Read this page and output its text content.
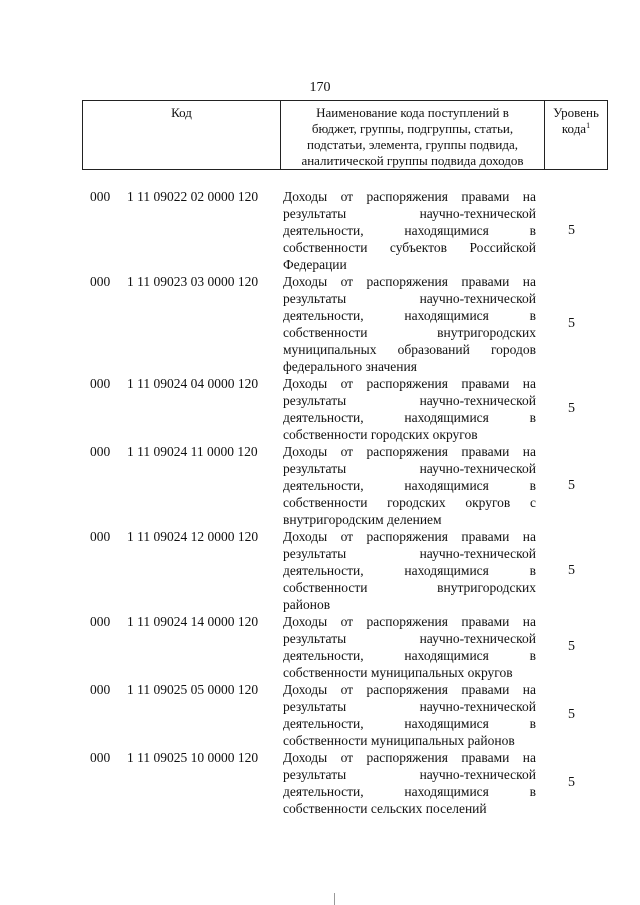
170
Код	Наименование кода поступлений в
бюджет, группы, подгруппы, статьи,
подстатьи, элемента, группы подвида,
аналитической группы подвида доходов
Уровень
кода$^1$
000 1 11 09022 02 0000 120 Доходы от распоряжения правами на
результаты научно-технической
деятельности, находящимися в
собственности субъектов Российской
Федерации
5
000 1 11 09023 03 0000 120 Доходы от распоряжения правами на
результаты научно-технической
деятельности, находящимися в
собственности внутригородских
муниципальных образований городов
федерального значения
5
000 1 11 09024 04 0000 120 Доходы от распоряжения правами на
результаты научно-технической
деятельности, находящимися в
собственности городских округов
5
000 1 11 09024 11 0000 120 Доходы от распоряжения правами на
результаты научно-технической
деятельности, находящимися в
собственности городских округов с
внутригородским делением
5
000 1 11 09024 12 0000 120 Доходы от распоряжения правами на
результаты научно-технической
деятельности, находящимися в
собственности внутригородских
районов
5
000 1 11 09024 14 0000 120 Доходы от распоряжения правами на
результаты научно-технической
деятельности, находящимися в
собственности муниципальных округов
5
000 1 11 09025 05 0000 120 Доходы от распоряжения правами на
результаты научно-технической
деятельности, находящимися в
собственности муниципальных районов
5
000 1 11 09025 10 0000 120 Доходы от распоряжения правами на
результаты научно-технической
деятельности, находящимися в
собственности сельских поселений
5
